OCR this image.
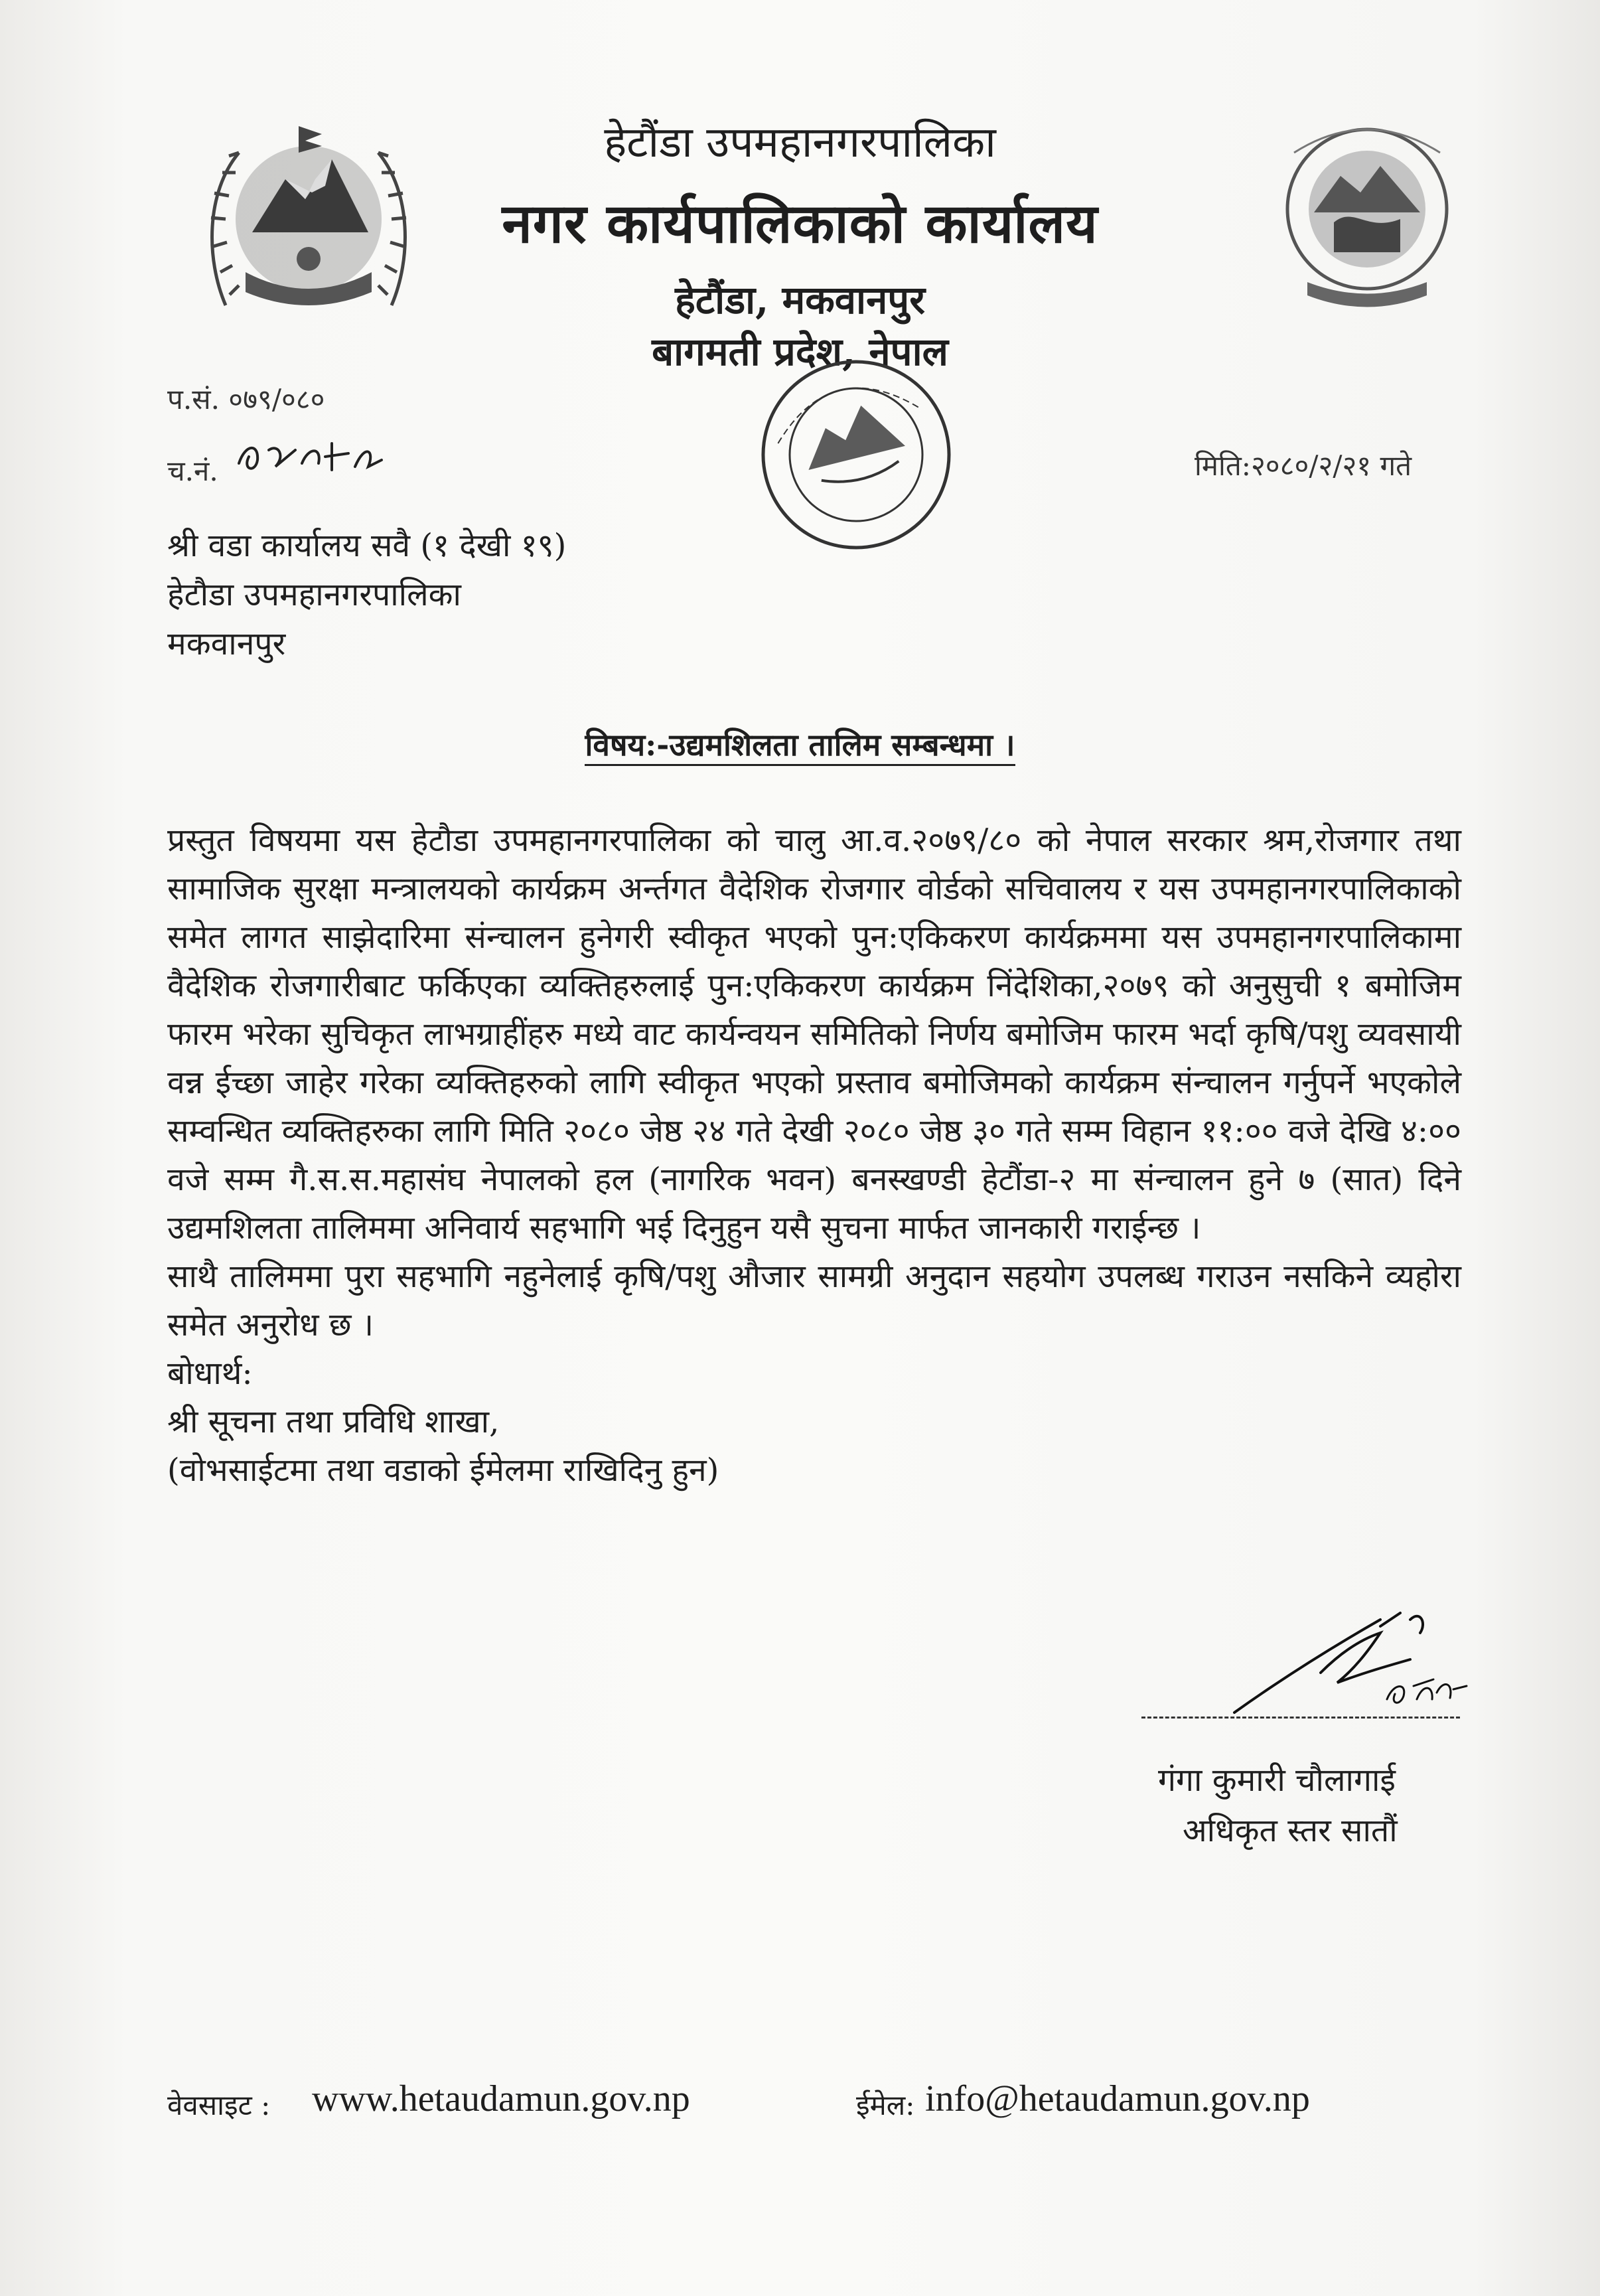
हेटौंडा उपमहानगरपालिका
नगर कार्यपालिकाको कार्यालय
हेटौंडा, मकवानपुर
बागमती प्रदेश, नेपाल
प.सं. ०७९/०८०
च.नं.	मिति:२०८०/२/२१ गते
श्री वडा कार्यालय सवै (१ देखी १९)
हेटौडा उपमहानगरपालिका
मकवानपुर
विषय:-उद्यमशिलता तालिम सम्बन्धमा ।

प्रस्तुत विषयमा यस हेटौडा उपमहानगरपालिका को चालु आ.व.२०७९/८० को नेपाल सरकार श्रम,रोजगार तथा सामाजिक सुरक्षा मन्त्रालयको कार्यक्रम अर्न्तगत वैदेशिक रोजगार वोर्डको सचिवालय र यस उपमहानगरपालिकाको समेत लागत साझेदारिमा संन्चालन हुनेगरी स्वीकृत भएको पुन:एकिकरण कार्यक्रममा यस उपमहानगरपालिकामा वैदेशिक रोजगारीबाट फर्किएका व्यक्तिहरुलाई पुन:एकिकरण कार्यक्रम निंदेशिका,२०७९ को अनुसुची १ बमोजिम फारम भरेका सुचिकृत लाभग्राहींहरु मध्ये वाट कार्यन्वयन समितिको निर्णय बमोजिम फारम भर्दा कृषि/पशु व्यवसायी वन्न ईच्छा जाहेर गरेका व्यक्तिहरुको लागि स्वीकृत भएको प्रस्ताव बमोजिमको कार्यक्रम संन्चालन गर्नुपर्ने भएकोले सम्वन्धित व्यक्तिहरुका लागि मिति २०८० जेष्ठ २४ गते देखी २०८० जेष्ठ ३० गते सम्म विहान ११:०० वजे देखि ४:०० वजे सम्म गै.स.स.महासंघ नेपालको हल (नागरिक भवन) बनस्खण्डी हेटौंडा-२ मा संन्चालन हुने ७ (सात) दिने उद्यमशिलता तालिममा अनिवार्य सहभागि भई दिनुहुन यसै सुचना मार्फत जानकारी गराईन्छ ।

साथै तालिममा पुरा सहभागि नहुनेलाई कृषि/पशु औजार सामग्री अनुदान सहयोग उपलब्ध गराउन नसकिने व्यहोरा समेत अनुरोध छ ।

बोधार्थ:

श्री सूचना तथा प्रविधि शाखा,

(वोभसाईटमा तथा वडाको ईमेलमा राखिदिनु हुन)

गंगा कुमारी चौलागाई
अधिकृत स्तर सातौं
वेवसाइट : www.hetaudamun.gov.np	ईमेल: info@hetaudamun.gov.np
